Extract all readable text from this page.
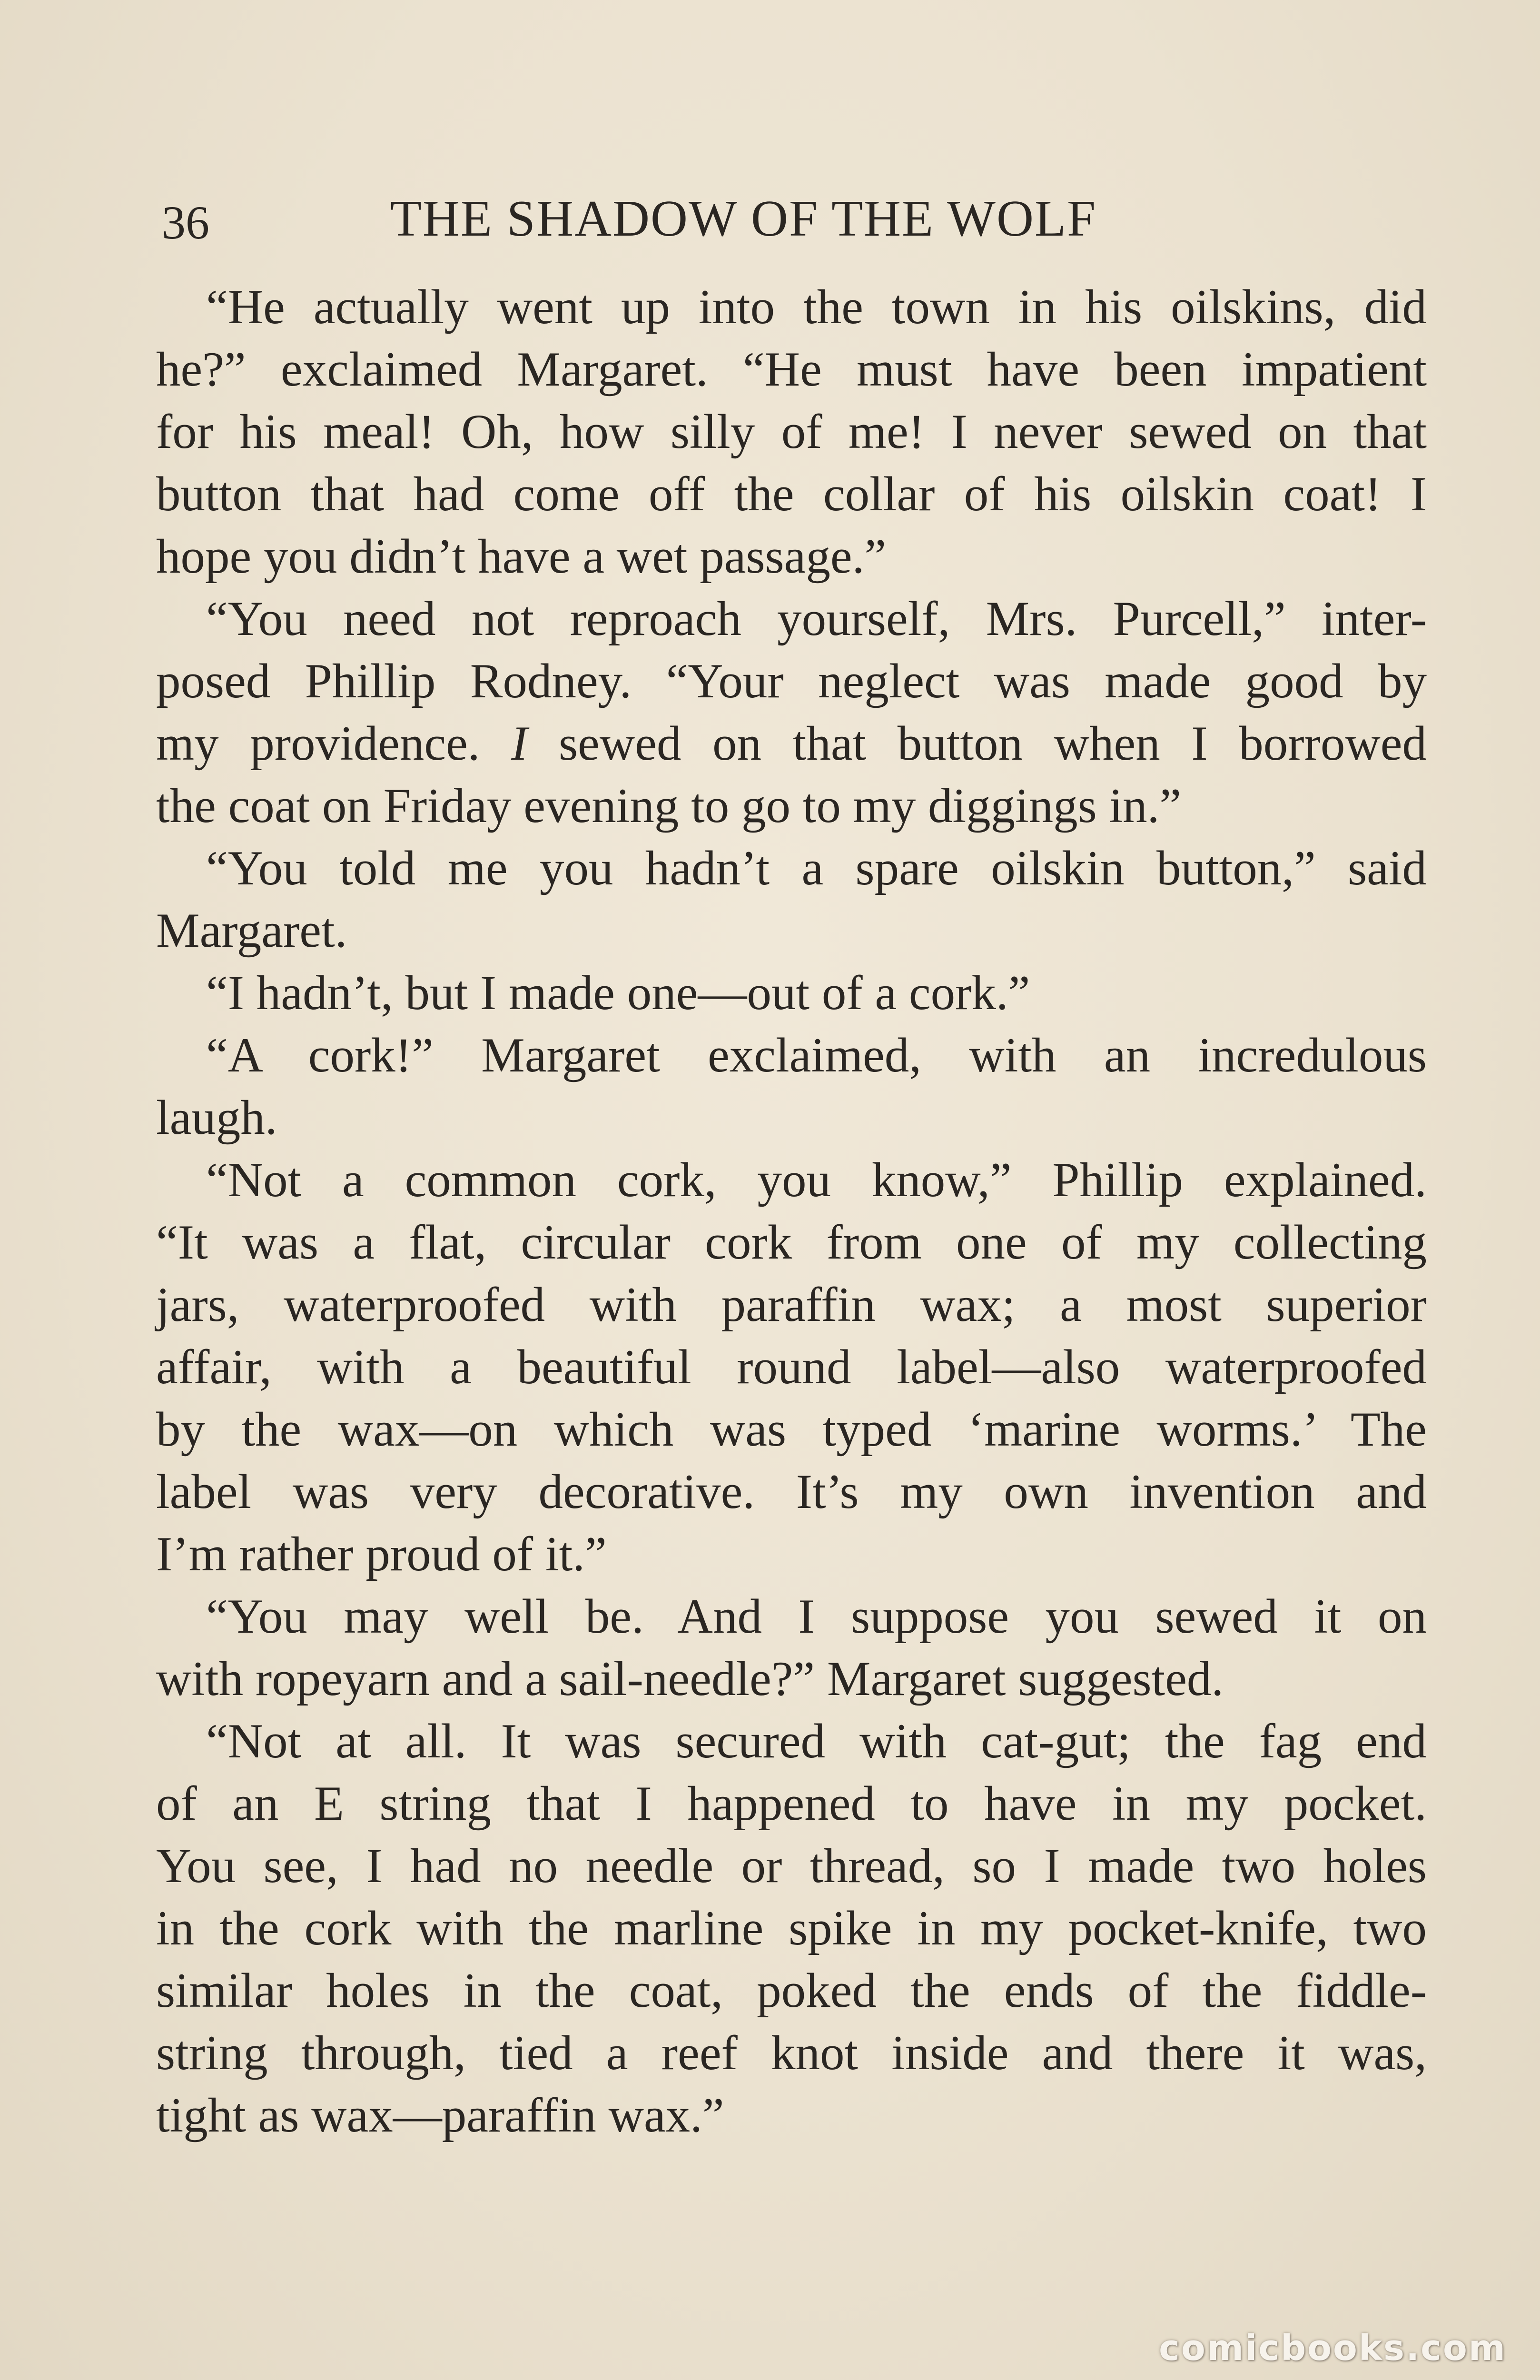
36	THE SHADOW OF THE WOLF
“He actually went up into the town in his oilskins, did
he?” exclaimed Margaret. “He must have been impatient
for his meal! Oh, how silly of me! I never sewed on that
button that had come off the collar of his oilskin coat! I
hope you didn’t have a wet passage.”
“You need not reproach yourself, Mrs. Purcell,” inter-
posed Phillip Rodney. “Your neglect was made good by
my providence. I sewed on that button when I borrowed
the coat on Friday evening to go to my diggings in.”
“You told me you hadn’t a spare oilskin button,” said
Margaret.
“I hadn’t, but I made one—out of a cork.”
“A cork!” Margaret exclaimed, with an incredulous
laugh.
“Not a common cork, you know,” Phillip explained.
“It was a flat, circular cork from one of my collecting
jars, waterproofed with paraffin wax; a most superior
affair, with a beautiful round label—also waterproofed
by the wax—on which was typed ‘marine worms.’ The
label was very decorative. It’s my own invention and
I’m rather proud of it.”
“You may well be. And I suppose you sewed it on
with ropeyarn and a sail-needle?” Margaret suggested.
“Not at all. It was secured with cat-gut; the fag end
of an E string that I happened to have in my pocket.
You see, I had no needle or thread, so I made two holes
in the cork with the marline spike in my pocket-knife, two
similar holes in the coat, poked the ends of the fiddle-
string through, tied a reef knot inside and there it was,
tight as wax—paraffin wax.”
comicbooks.com
